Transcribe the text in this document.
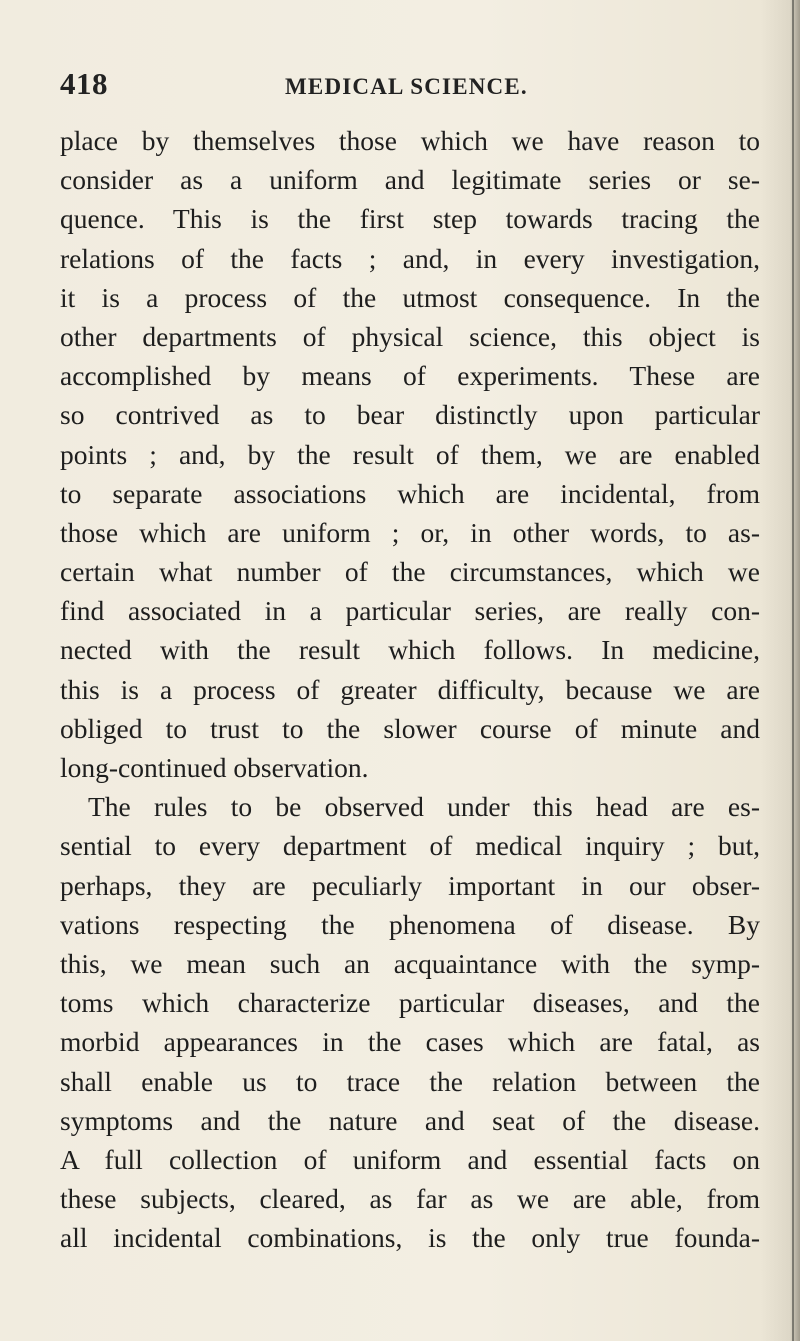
418	MEDICAL SCIENCE.
place by themselves those which we have reason to
consider as a uniform and legitimate series or se-
quence. This is the first step towards tracing the
relations of the facts ; and, in every investigation,
it is a process of the utmost consequence. In the
other departments of physical science, this object is
accomplished by means of experiments. These are
so contrived as to bear distinctly upon particular
points ; and, by the result of them, we are enabled
to separate associations which are incidental, from
those which are uniform ; or, in other words, to as-
certain what number of the circumstances, which we
find associated in a particular series, are really con-
nected with the result which follows. In medicine,
this is a process of greater difficulty, because we are
obliged to trust to the slower course of minute and
long-continued observation.
The rules to be observed under this head are es-
sential to every department of medical inquiry ; but,
perhaps, they are peculiarly important in our obser-
vations respecting the phenomena of disease. By
this, we mean such an acquaintance with the symp-
toms which characterize particular diseases, and the
morbid appearances in the cases which are fatal, as
shall enable us to trace the relation between the
symptoms and the nature and seat of the disease.
A full collection of uniform and essential facts on
these subjects, cleared, as far as we are able, from
all incidental combinations, is the only true founda-
